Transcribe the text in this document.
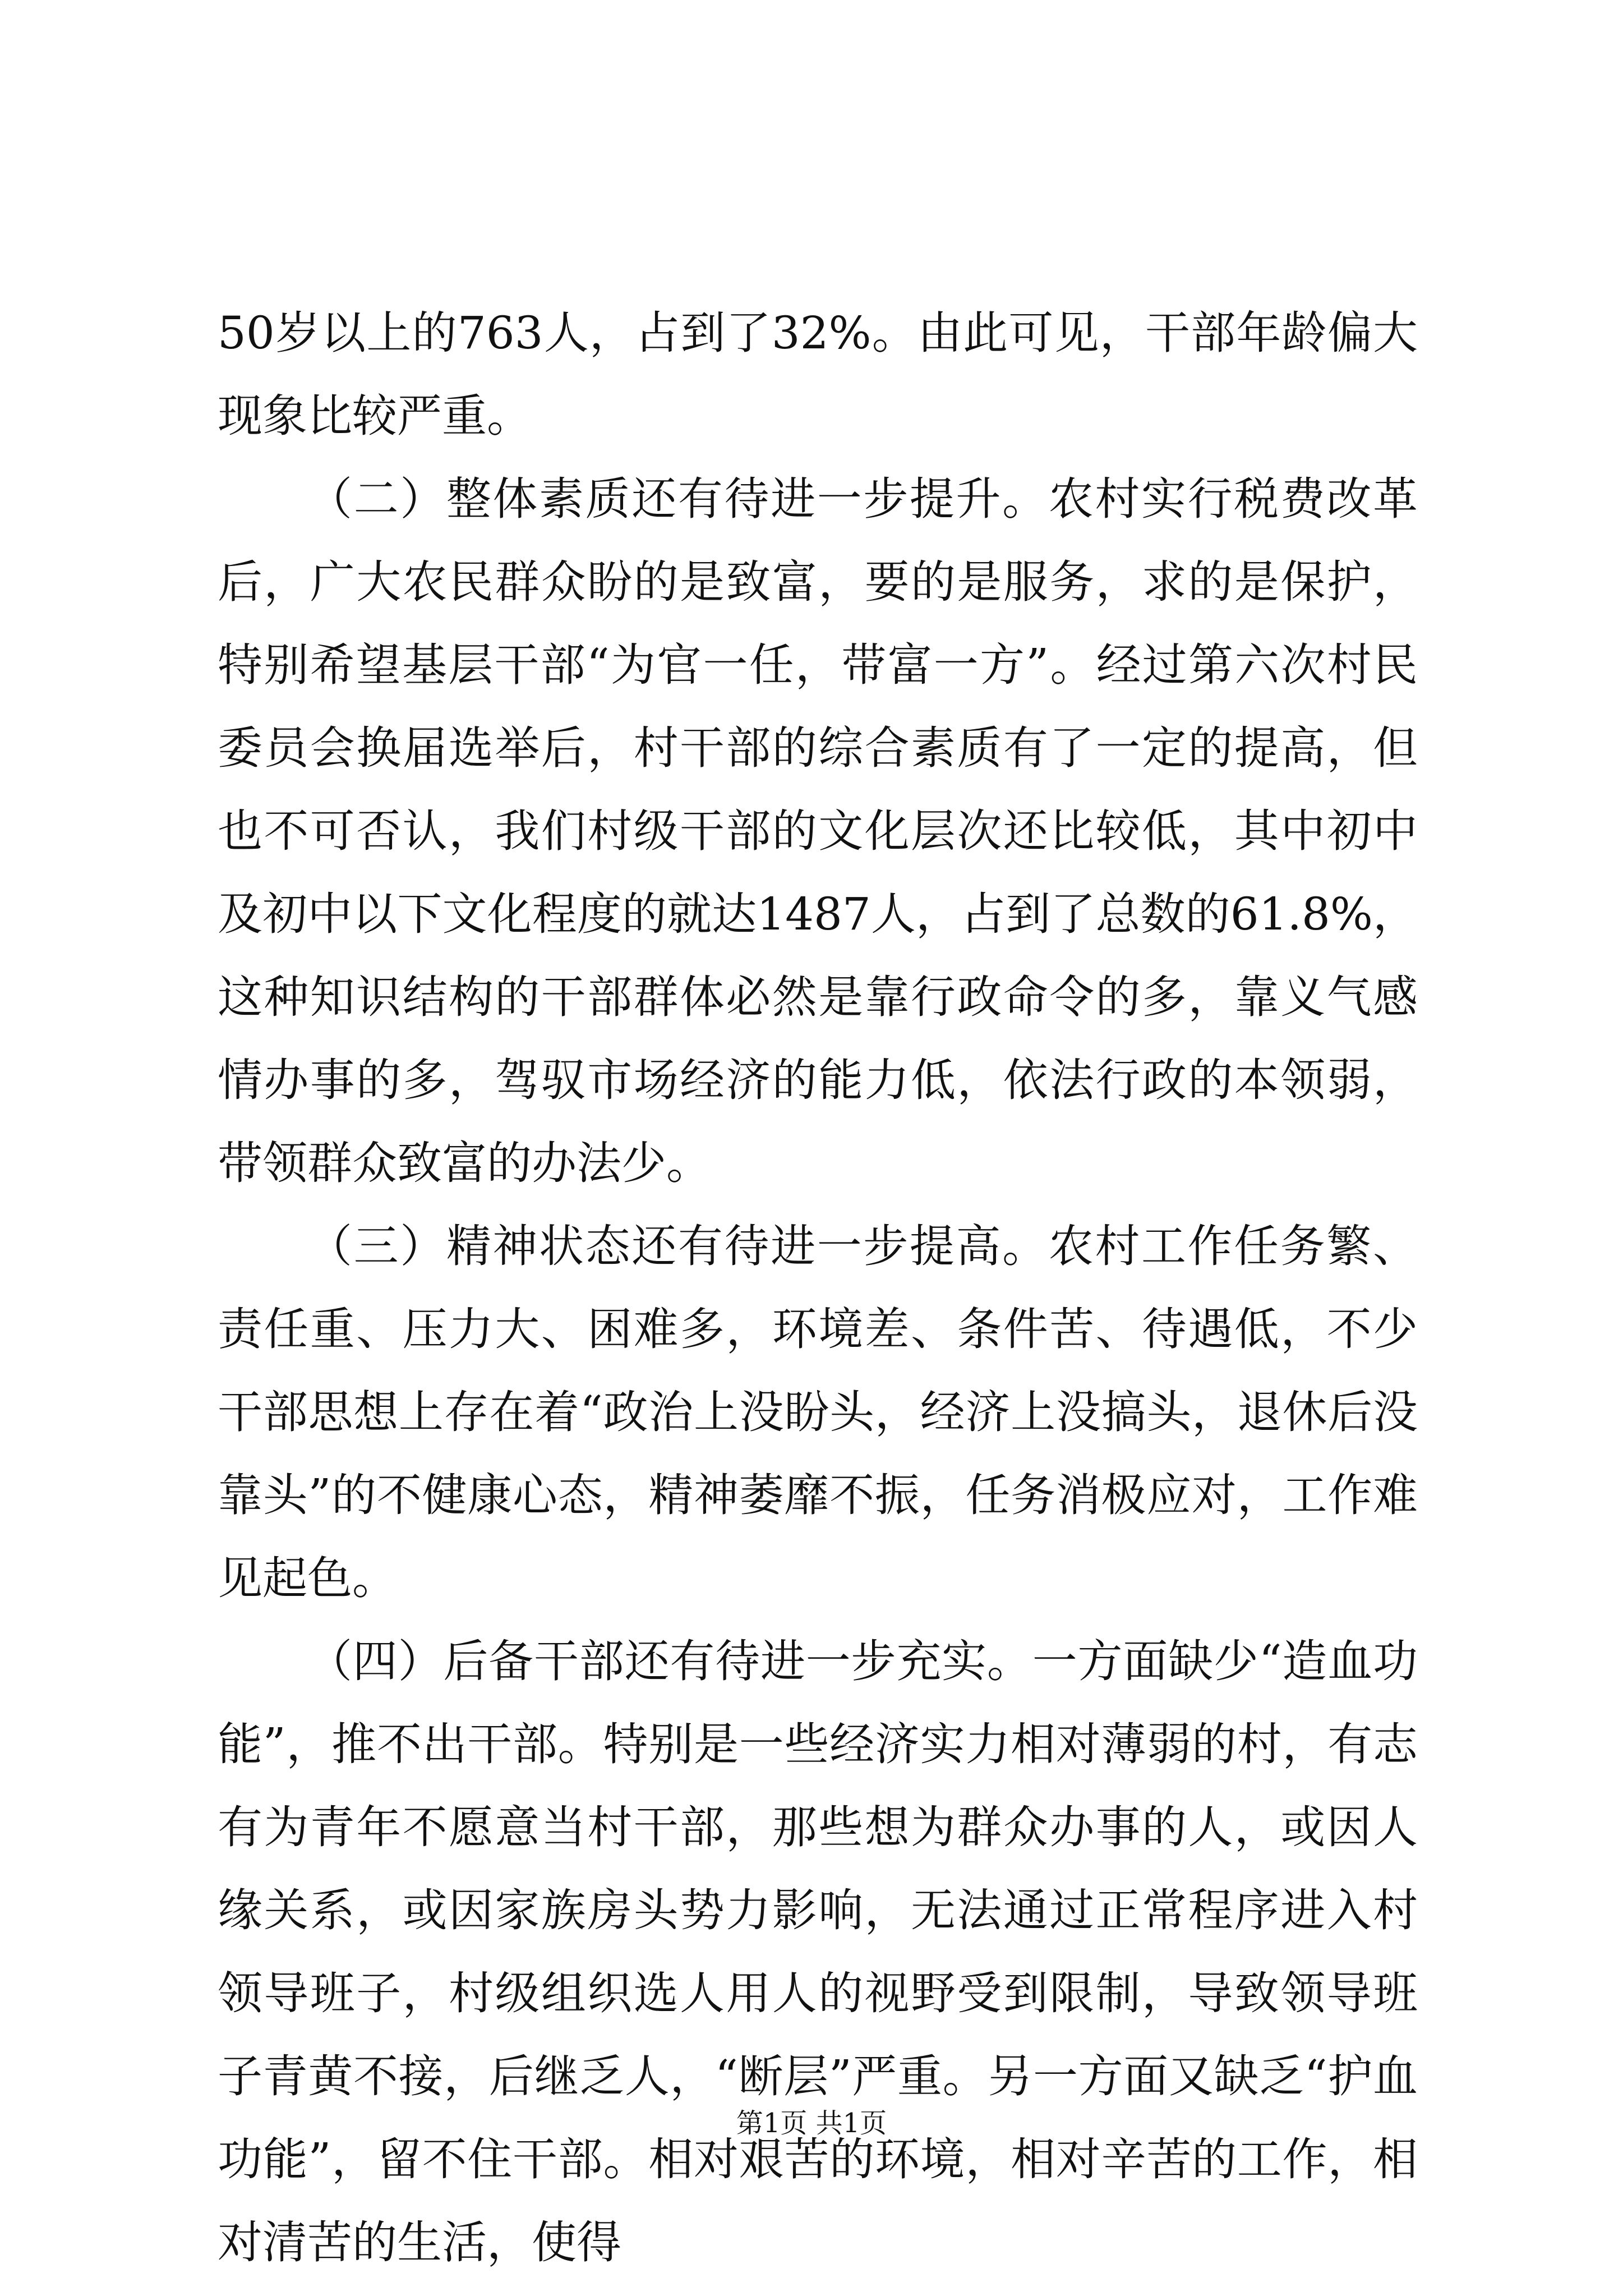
50岁以上的763人，占到了32%。由此可见，干部年龄偏大现象比较严重。

（二）整体素质还有待进一步提升。农村实行税费改革后，广大农民群众盼的是致富，要的是服务，求的是保护，特别希望基层干部“为官一任，带富一方”。经过第六次村民委员会换届选举后，村干部的综合素质有了一定的提高，但也不可否认，我们村级干部的文化层次还比较低，其中初中及初中以下文化程度的就达1487人，占到了总数的61.8%，这种知识结构的干部群体必然是靠行政命令的多，靠义气感情办事的多，驾驭市场经济的能力低，依法行政的本领弱，带领群众致富的办法少。

（三）精神状态还有待进一步提高。农村工作任务繁、责任重、压力大、困难多，环境差、条件苦、待遇低，不少干部思想上存在着“政治上没盼头，经济上没搞头，退休后没靠头”的不健康心态，精神萎靡不振，任务消极应对，工作难见起色。

（四）后备干部还有待进一步充实。一方面缺少“造血功能”，推不出干部。特别是一些经济实力相对薄弱的村，有志有为青年不愿意当村干部，那些想为群众办事的人，或因人缘关系，或因家族房头势力影响，无法通过正常程序进入村领导班子，村级组织选人用人的视野受到限制，导致领导班子青黄不接，后继乏人，“断层”严重。另一方面又缺乏“护血功能”，留不住干部。相对艰苦的环境，相对辛苦的工作，相对清苦的生活，使得

第1页 共1页
